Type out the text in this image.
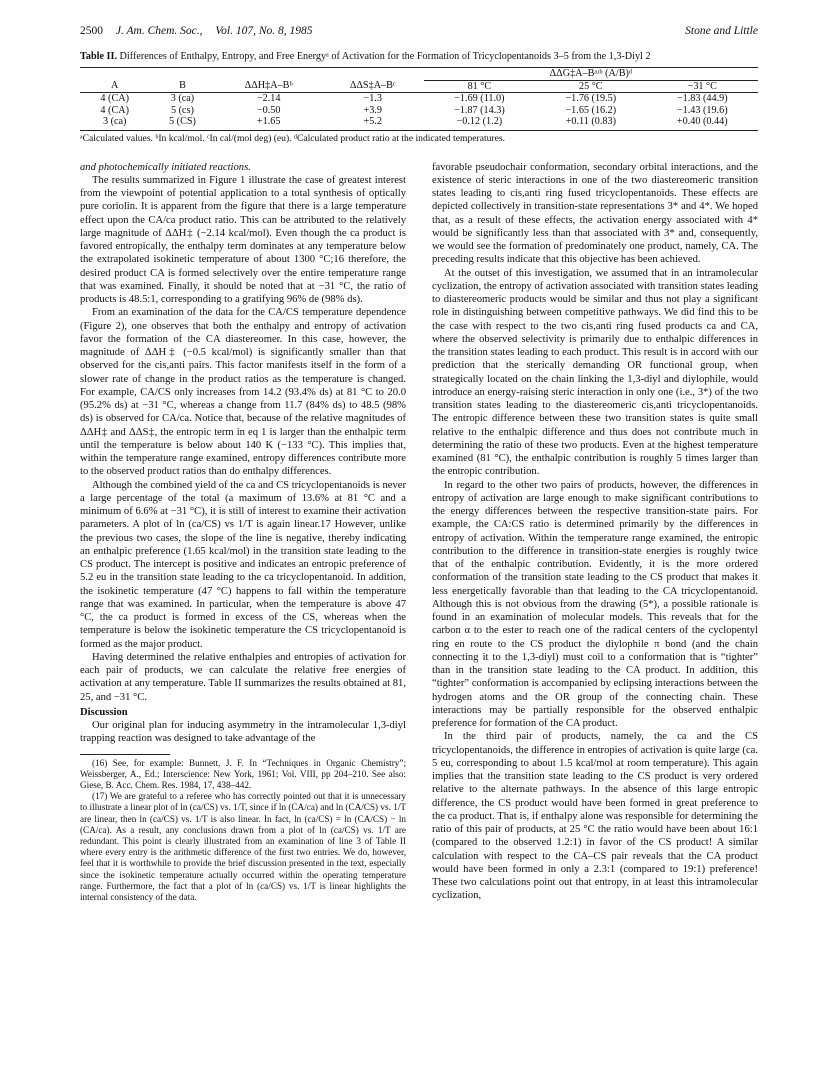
2500 J. Am. Chem. Soc., Vol. 107, No. 8, 1985	Stone and Little
Table II. Differences of Enthalpy, Entropy, and Free Energyᵃ of Activation for the Formation of Tricyclopentanoids 3–5 from the 1,3-Diyl 2
				ΔΔG‡A–Bᵃʴᵇ (A/B)ᵈ		
A	B	ΔΔH‡A–Bᵇ	ΔΔS‡A–Bᶜ	81 °C	25 °C	−31 °C
4 (CA)	3 (ca)	−2.14	−1.3	−1.69 (11.0)	−1.76 (19.5)	−1.83 (44.9)
4 (CA)	5 (cs)	−0.50	+3.9	−1.87 (14.3)	−1.65 (16.2)	−1.43 (19.6)
3 (ca)	5 (CS)	+1.65	+5.2	−0.12 (1.2)	+0.11 (0.83)	+0.40 (0.44)
ᵃCalculated values. ᵇIn kcal/mol. ᶜIn cal/(mol deg) (eu). ᵈCalculated product ratio at the indicated temperatures.

and photochemically initiated reactions.

The results summarized in Figure 1 illustrate the case of greatest interest from the viewpoint of potential application to a total synthesis of optically pure coriolin. It is apparent from the figure that there is a large temperature effect upon the CA/ca product ratio. This can be attributed to the relatively large magnitude of ΔΔH‡ (−2.14 kcal/mol). Even though the ca product is favored entropically, the enthalpy term dominates at any temperature below the extrapolated isokinetic temperature of about 1300 °C;16 therefore, the desired product CA is formed selectively over the entire temperature range that was examined. Finally, it should be noted that at −31 °C, the ratio of products is 48.5:1, corresponding to a gratifying 96% de (98% ds).

From an examination of the data for the CA/CS temperature dependence (Figure 2), one observes that both the enthalpy and entropy of activation favor the formation of the CA diastereomer. In this case, however, the magnitude of ΔΔH‡ (−0.5 kcal/mol) is significantly smaller than that observed for the cis,anti pairs. This factor manifests itself in the form of a slower rate of change in the product ratios as the temperature is changed. For example, CA/CS only increases from 14.2 (93.4% ds) at 81 °C to 20.0 (95.2% ds) at −31 °C, whereas a change from 11.7 (84% ds) to 48.5 (98% ds) is observed for CA/ca. Notice that, because of the relative magnitudes of ΔΔH‡ and ΔΔS‡, the entropic term in eq 1 is larger than the enthalpic term until the temperature is below about 140 K (−133 °C). This implies that, within the temperature range examined, entropy differences contribute more to the observed product ratios than do enthalpy differences.

Although the combined yield of the ca and CS tricyclopentanoids is never a large percentage of the total (a maximum of 13.6% at 81 °C and a minimum of 6.6% at −31 °C), it is still of interest to examine their activation parameters. A plot of ln (ca/CS) vs 1/T is again linear.17 However, unlike the previous two cases, the slope of the line is negative, thereby indicating an enthalpic preference (1.65 kcal/mol) in the transition state leading to the CS product. The intercept is positive and indicates an entropic preference of 5.2 eu in the transition state leading to the ca tricyclopentanoid. In addition, the isokinetic temperature (47 °C) happens to fall within the temperature range that was examined. In particular, when the temperature is above 47 °C, the ca product is formed in excess of the CS, whereas when the temperature is below the isokinetic temperature the CS tricyclopentanoid is formed as the major product.

Having determined the relative enthalpies and entropies of activation for each pair of products, we can calculate the relative free energies of activation at any temperature. Table II summarizes the results obtained at 81, 25, and −31 °C.

Discussion

Our original plan for inducing asymmetry in the intramolecular 1,3-diyl trapping reaction was designed to take advantage of the

(16) See, for example: Bunnett, J. F. In “Techniques in Organic Chemistry”; Weissberger, A., Ed.; Interscience: New York, 1961; Vol. VIII, pp 204–210. See also: Giese, B. Acc. Chem. Res. 1984, 17, 438–442.

(17) We are grateful to a referee who has correctly pointed out that it is unnecessary to illustrate a linear plot of ln (ca/CS) vs. 1/T, since if ln (CA/ca) and ln (CA/CS) vs. 1/T are linear, then ln (ca/CS) vs. 1/T is also linear. In fact, ln (ca/CS) = ln (CA/CS) − ln (CA/ca). As a result, any conclusions drawn from a plot of ln (ca/CS) vs. 1/T are redundant. This point is clearly illustrated from an examination of line 3 of Table II where every entry is the arithmetic difference of the first two entries. We do, however, feel that it is worthwhile to provide the brief discussion presented in the text, especially since the isokinetic temperature actually occurred within the operating temperature range. Furthermore, the fact that a plot of ln (ca/CS) vs. 1/T is linear highlights the internal consistency of the data.

favorable pseudochair conformation, secondary orbital interactions, and the existence of steric interactions in one of the two diastereomeric transition states leading to cis,anti ring fused tricyclopentanoids. These effects are depicted collectively in transition-state representations 3* and 4*. We hoped that, as a result of these effects, the activation energy associated with 4* would be significantly less than that associated with 3* and, consequently, we would see the formation of predominately one product, namely, CA. The preceding results indicate that this objective has been achieved.

At the outset of this investigation, we assumed that in an intramolecular cyclization, the entropy of activation associated with transition states leading to diastereomeric products would be similar and thus not play a significant role in distinguishing between competitive pathways. We did find this to be the case with respect to the two cis,anti ring fused products ca and CA, where the observed selectivity is primarily due to enthalpic differences in the transition states leading to each product. This result is in accord with our prediction that the sterically demanding OR functional group, when strategically located on the chain linking the 1,3-diyl and diylophile, would introduce an energy-raising steric interaction in only one (i.e., 3*) of the two transition states leading to the diastereomeric cis,anti tricyclopentanoids. The entropic difference between these two transition states is quite small relative to the enthalpic difference and thus does not contribute much in determining the ratio of these two products. Even at the highest temperature examined (81 °C), the enthalpic contribution is roughly 5 times larger than the entropic contribution.

In regard to the other two pairs of products, however, the differences in entropy of activation are large enough to make significant contributions to the energy differences between the respective transition-state pairs. For example, the CA:CS ratio is determined primarily by the differences in entropy of activation. Within the temperature range examined, the entropic contribution to the difference in transition-state energies is roughly twice that of the enthalpic contribution. Evidently, it is the more ordered conformation of the transition state leading to the CS product that makes it less energetically favorable than that leading to the CA tricyclopentanoid. Although this is not obvious from the drawing (5*), a possible rationale is found in an examination of molecular models. This reveals that for the carbon α to the ester to reach one of the radical centers of the cyclopentyl ring en route to the CS product the diylophile π bond (and the chain connecting it to the 1,3-diyl) must coil to a conformation that is “tighter” than in the transition state leading to the CA product. In addition, this “tighter” conformation is accompanied by eclipsing interactions between the hydrogen atoms and the OR group of the connecting chain. These interactions may be partially responsible for the observed enthalpic preference for formation of the CA product.

In the third pair of products, namely, the ca and the CS tricyclopentanoids, the difference in entropies of activation is quite large (ca. 5 eu, corresponding to about 1.5 kcal/mol at room temperature). This again implies that the transition state leading to the CS product is very ordered relative to the alternate pathways. In the absence of this large entropic difference, the CS product would have been formed in great preference to the ca product. That is, if enthalpy alone was responsible for determining the ratio of this pair of products, at 25 °C the ratio would have been about 16:1 (compared to the observed 1.2:1) in favor of the CS product! A similar calculation with respect to the CA–CS pair reveals that the CA product would have been formed in only a 2.3:1 (compared to 19:1) preference! These two calculations point out that entropy, in at least this intramolecular cyclization,
